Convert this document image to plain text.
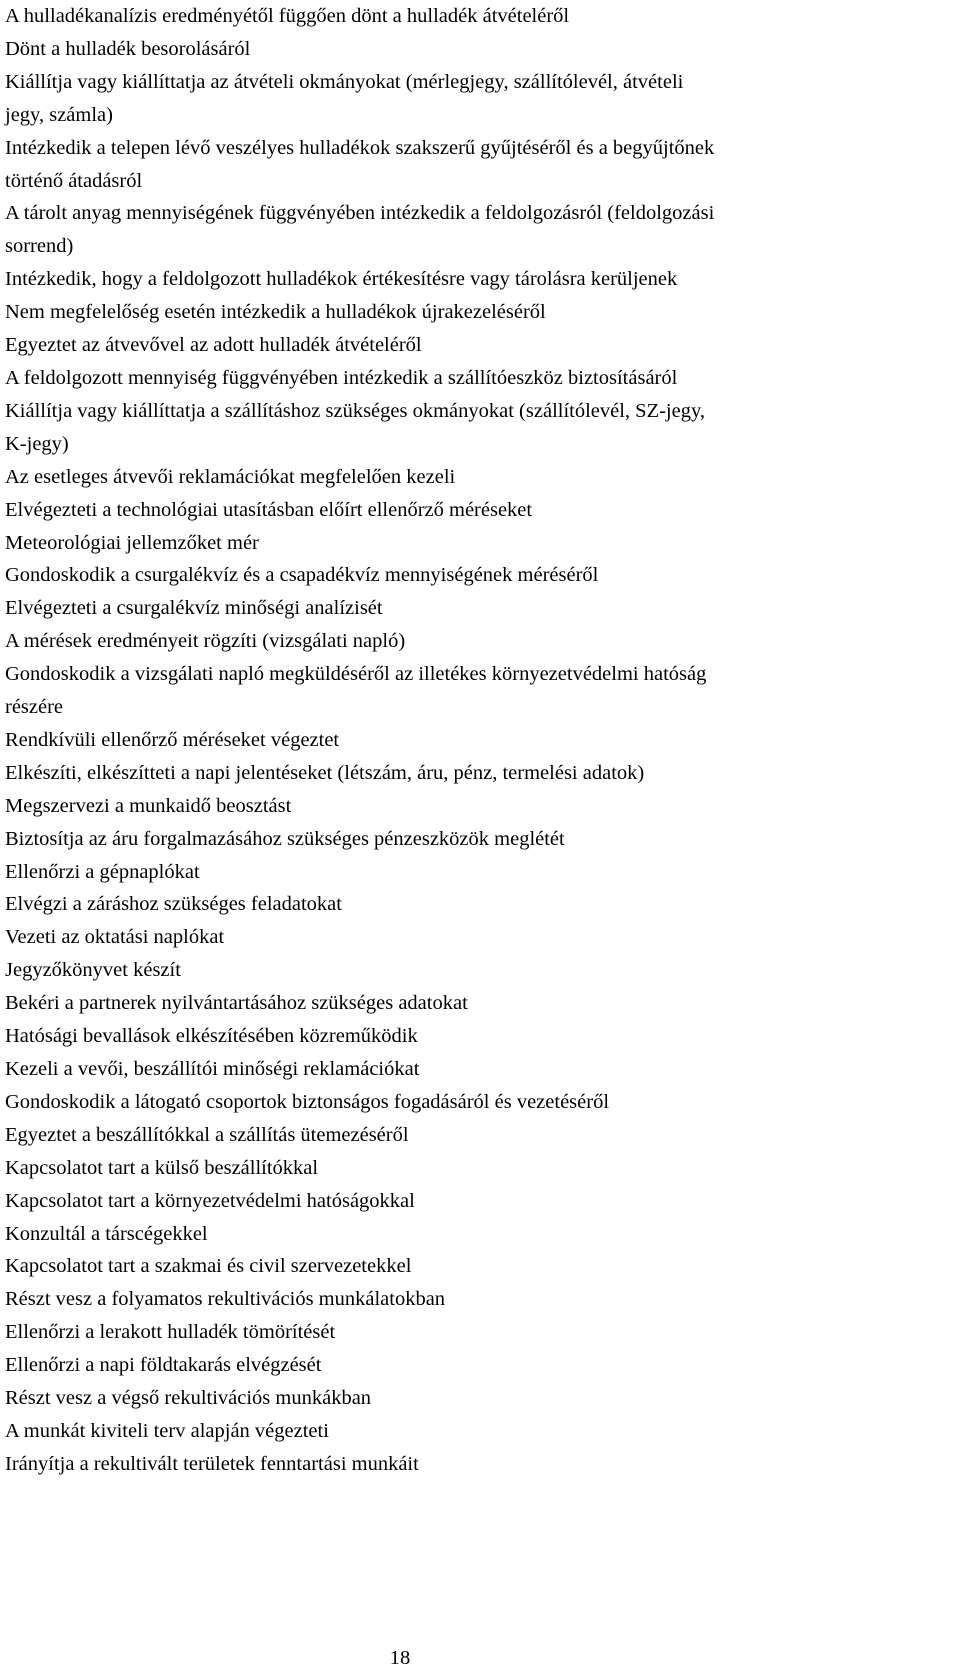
A hulladékanalízis eredményétől függően dönt a hulladék átvételéről
Dönt a hulladék besorolásáról
Kiállítja vagy kiállíttatja az átvételi okmányokat (mérlegjegy, szállítólevél, átvételi
jegy, számla)
Intézkedik a telepen lévő veszélyes hulladékok szakszerű gyűjtéséről és a begyűjtőnek
történő átadásról
A tárolt anyag mennyiségének függvényében intézkedik a feldolgozásról (feldolgozási
sorrend)
Intézkedik, hogy a feldolgozott hulladékok értékesítésre vagy tárolásra kerüljenek
Nem megfelelőség esetén intézkedik a hulladékok újrakezeléséről
Egyeztet az átvevővel az adott hulladék átvételéről
A feldolgozott mennyiség függvényében intézkedik a szállítóeszköz biztosításáról
Kiállítja vagy kiállíttatja a szállításhoz szükséges okmányokat (szállítólevél, SZ-jegy,
K-jegy)
Az esetleges átvevői reklamációkat megfelelően kezeli
Elvégezteti a technológiai utasításban előírt ellenőrző méréseket
Meteorológiai jellemzőket mér
Gondoskodik a csurgalékvíz és a csapadékvíz mennyiségének méréséről
Elvégezteti a csurgalékvíz minőségi analízisét
A mérések eredményeit rögzíti (vizsgálati napló)
Gondoskodik a vizsgálati napló megküldéséről az illetékes környezetvédelmi hatóság
részére
Rendkívüli ellenőrző méréseket végeztet
Elkészíti, elkészítteti a napi jelentéseket (létszám, áru, pénz, termelési adatok)
Megszervezi a munkaidő beosztást
Biztosítja az áru forgalmazásához szükséges pénzeszközök meglétét
Ellenőrzi a gépnaplókat
Elvégzi a záráshoz szükséges feladatokat
Vezeti az oktatási naplókat
Jegyzőkönyvet készít
Bekéri a partnerek nyilvántartásához szükséges adatokat
Hatósági bevallások elkészítésében közreműködik
Kezeli a vevői, beszállítói minőségi reklamációkat
Gondoskodik a látogató csoportok biztonságos fogadásáról és vezetéséről
Egyeztet a beszállítókkal a szállítás ütemezéséről
Kapcsolatot tart a külső beszállítókkal
Kapcsolatot tart a környezetvédelmi hatóságokkal
Konzultál a társcégekkel
Kapcsolatot tart a szakmai és civil szervezetekkel
Részt vesz a folyamatos rekultivációs munkálatokban
Ellenőrzi a lerakott hulladék tömörítését
Ellenőrzi a napi földtakarás elvégzését
Részt vesz a végső rekultivációs munkákban
A munkát kiviteli terv alapján végezteti
Irányítja a rekultivált területek fenntartási munkáit
18
